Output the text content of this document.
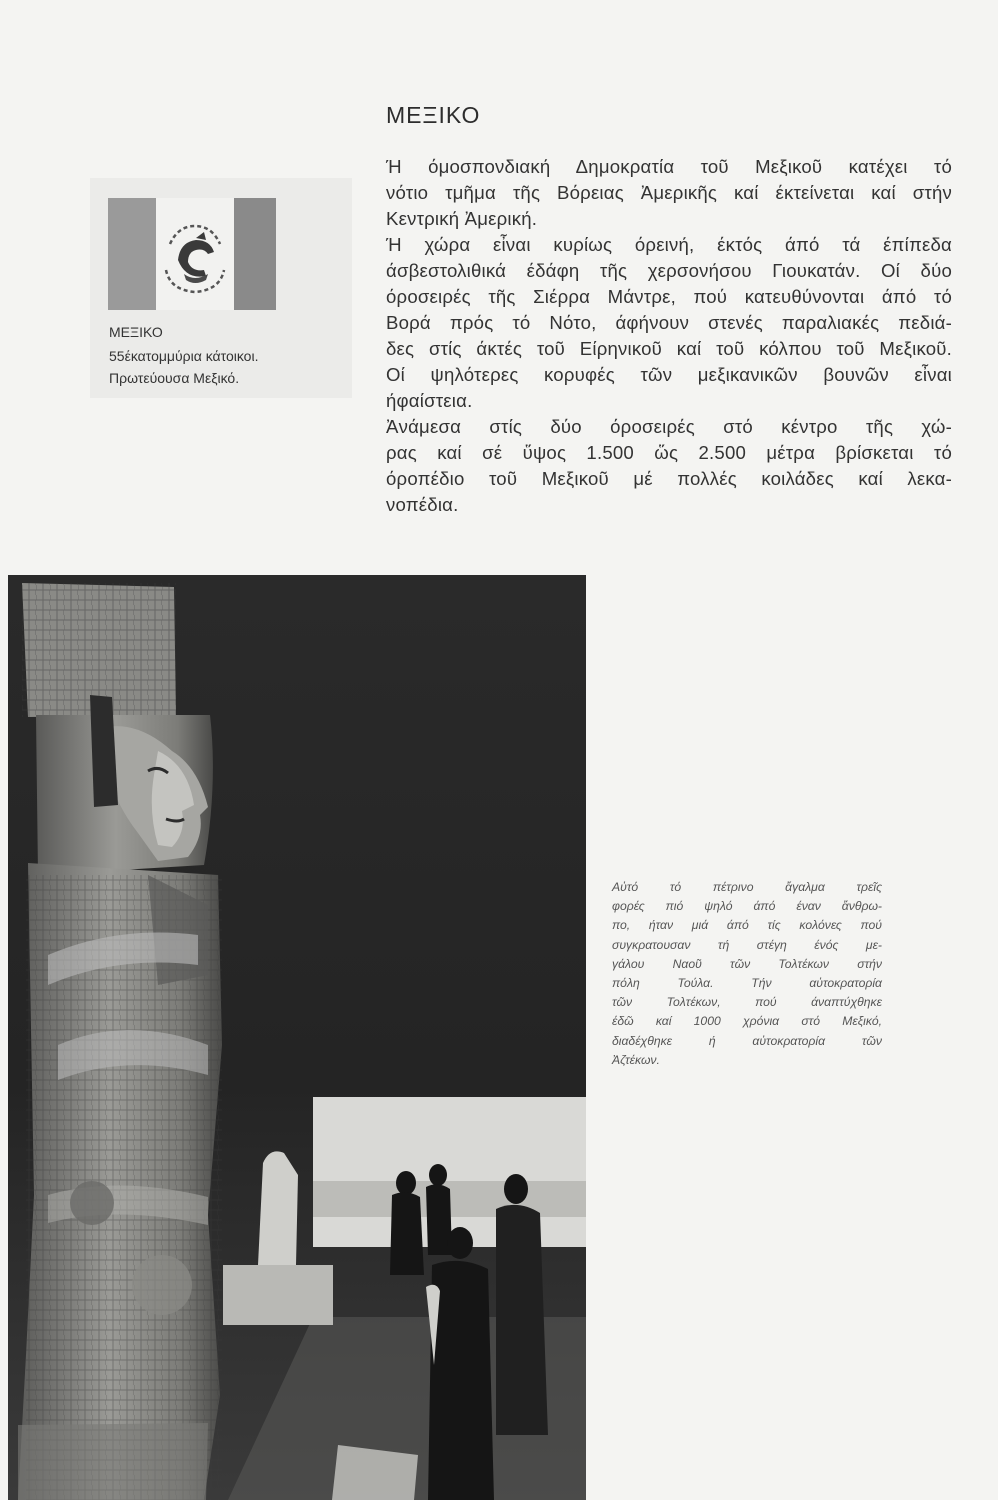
ΜΕΞΙΚΟ
ΜΕΞΙΚΟ
55έκατομμύρια κάτοικοι.
Πρωτεύουσα Μεξικό.
Ή όμοσπονδιακή Δημοκρατία τοῦ Μεξικοῦ κατέχει τό
νότιο τμῆμα τῆς Βόρειας Ἀμερικῆς καί έκτείνεται καί στήν
Κεντρική Ἀμερική.
Ή χώρα εἶναι κυρίως όρεινή, έκτός άπό τά έπίπεδα
άσβεστολιθικά έδάφη τῆς χερσονήσου Γιουκατάν. Οί δύο
όροσειρές τῆς Σιέρρα Μάντρε, πού κατευθύνονται άπό τό
Βορά πρός τό Νότο, άφήνουν στενές παραλιακές πεδιά-
δες στίς άκτές τοῦ Είρηνικοῦ καί τοῦ κόλπου τοῦ Μεξικοῦ.
Οί ψηλότερες κορυφές τῶν μεξικανικῶν βουνῶν εἶναι
ήφαίστεια.
Ἀνάμεσα στίς δύο όροσειρές στό κέντρο τῆς χώ-
ρας καί σέ ὕψος 1.500 ὥς 2.500 μέτρα βρίσκεται τό
όροπέδιο τοῦ Μεξικοῦ μέ πολλές κοιλάδες καί λεκα-
νοπέδια.
Αὐτό τό πέτρινο ἄγαλμα τρεῖς
φορές πιό ψηλό άπό έναν ἄνθρω-
πο, ήταν μιά άπό τίς κολόνες πού
συγκρατουσαν τή στέγη ένός με-
γάλου Ναοῦ τῶν Τολτέκων στήν
πόλη Τούλα. Τήν αὐτοκρατορία
τῶν Τολτέκων, πού άναπτύχθηκε
έδῶ καί 1000 χρόνια στό Μεξικό,
διαδέχθηκε ή αὐτοκρατορία τῶν
Ἀζτέκων.
